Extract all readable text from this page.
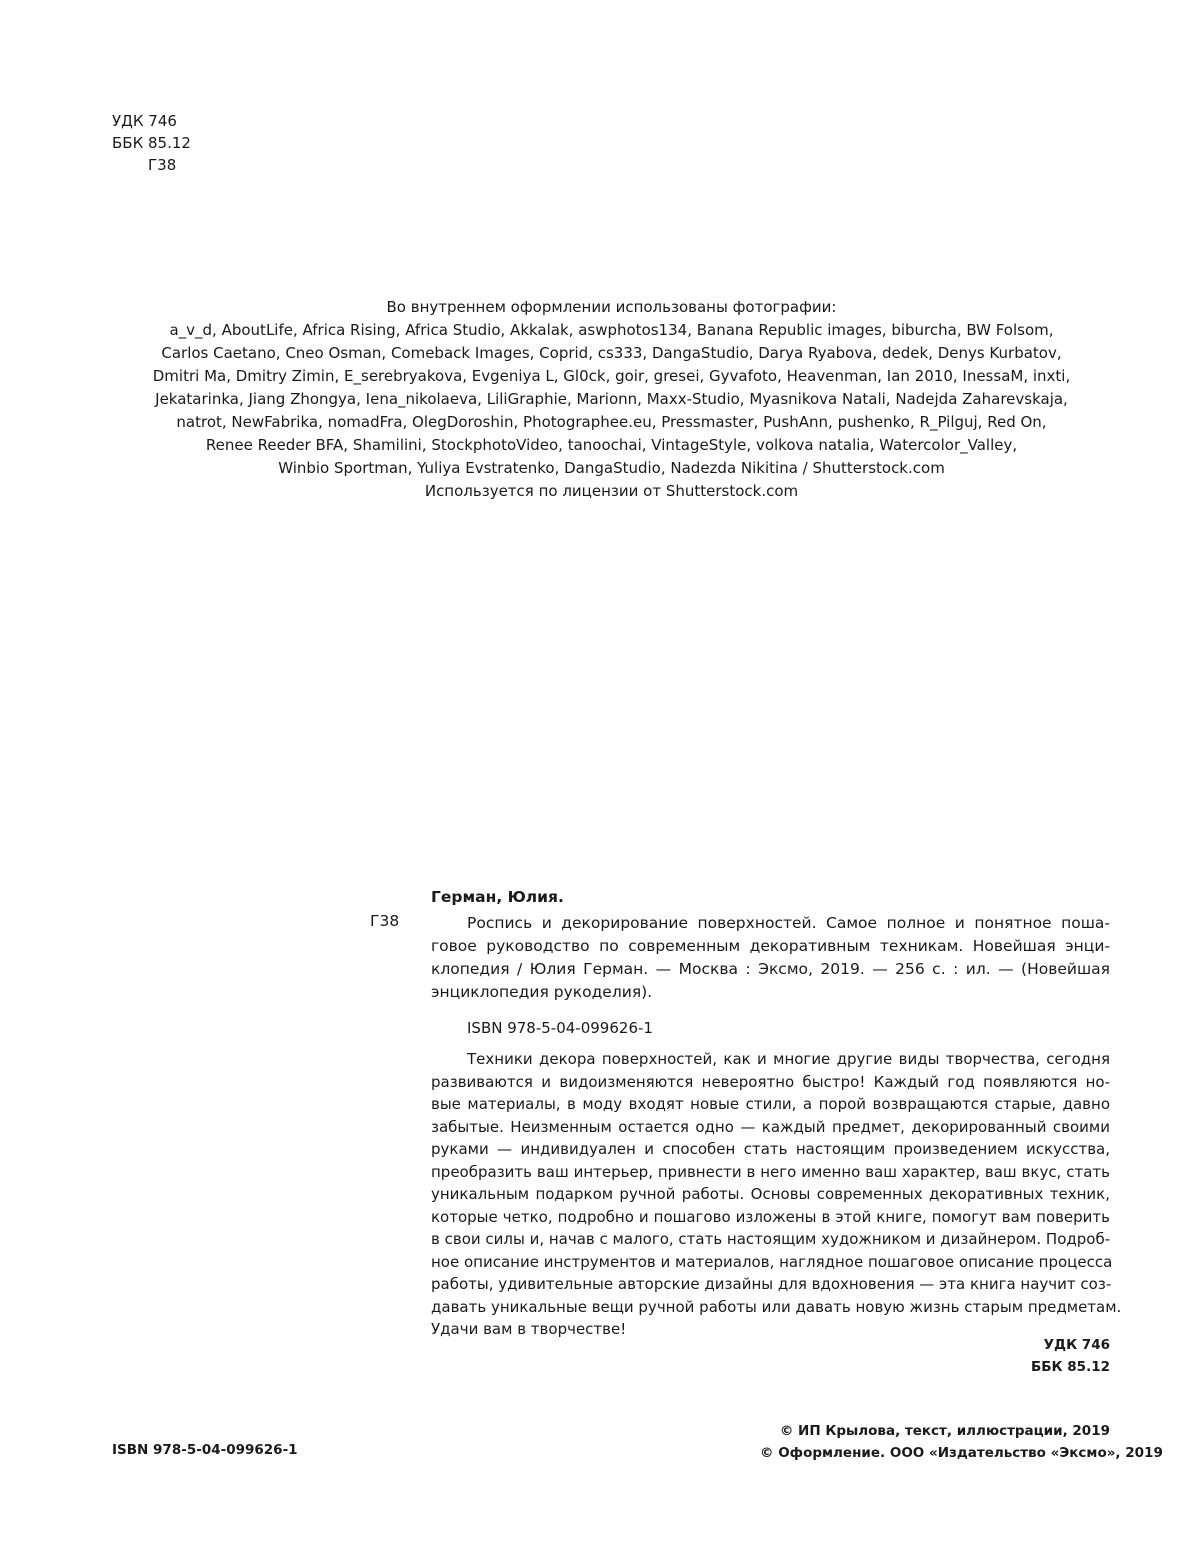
УДК 746
ББК 85.12
Г38
Во внутреннем оформлении использованы фотографии:
a_v_d, AboutLife, Africa Rising, Africa Studio, Akkalak, aswphotos134, Banana Republic images, biburcha, BW Folsom,
Carlos Caetano, Cneo Osman, Comeback Images, Coprid, cs333, DangaStudio, Darya Ryabova, dedek, Denys Kurbatov,
Dmitri Ma, Dmitry Zimin, E_serebryakova, Evgeniya L, Gl0ck, goir, gresei, Gyvafoto, Heavenman, Ian 2010, InessaM, inxti,
Jekatarinka, Jiang Zhongya, Iena_nikolaeva, LiliGraphie, Marionn, Maxx-Studio, Myasnikova Natali, Nadejda Zaharevskaja,
natrot, NewFabrika, nomadFra, OlegDoroshin, Photographee.eu, Pressmaster, PushAnn, pushenko, R_Pilguj, Red On,
Renee Reeder BFA, Shamilini, StockphotoVideo, tanoochai, VintageStyle, volkova natalia, Watercolor_Valley,
Winbio Sportman, Yuliya Evstratenko, DangaStudio, Nadezda Nikitina / Shutterstock.com
Используется по лицензии от Shutterstock.com
Герман, Юлия.
Г38	Роспись и декорирование поверхностей. Самое полное и понятное поша-
говое руководство по современным декоративным техникам. Новейшая энци-
клопедия / Юлия Герман. — Москва : Эксмо, 2019. — 256 с. : ил. — (Новейшая
энциклопедия рукоделия).
ISBN 978-5-04-099626-1
Техники декора поверхностей, как и многие другие виды творчества, сегодня
развиваются и видоизменяются невероятно быстро! Каждый год появляются но-
вые материалы, в моду входят новые стили, а порой возвращаются старые, давно
забытые. Неизменным остается одно — каждый предмет, декорированный своими
руками — индивидуален и способен стать настоящим произведением искусства,
преобразить ваш интерьер, привнести в него именно ваш характер, ваш вкус, стать
уникальным подарком ручной работы. Основы современных декоративных техник,
которые четко, подробно и пошагово изложены в этой книге, помогут вам поверить
в свои силы и, начав с малого, стать настоящим художником и дизайнером. Подроб-
ное описание инструментов и материалов, наглядное пошаговое описание процесса
работы, удивительные авторские дизайны для вдохновения — эта книга научит соз-
давать уникальные вещи ручной работы или давать новую жизнь старым предметам.
Удачи вам в творчестве!
УДК 746
ББК 85.12
ISBN 978-5-04-099626-1
© ИП Крылова, текст, иллюстрации, 2019
© Оформление. ООО «Издательство «Эксмо», 2019
